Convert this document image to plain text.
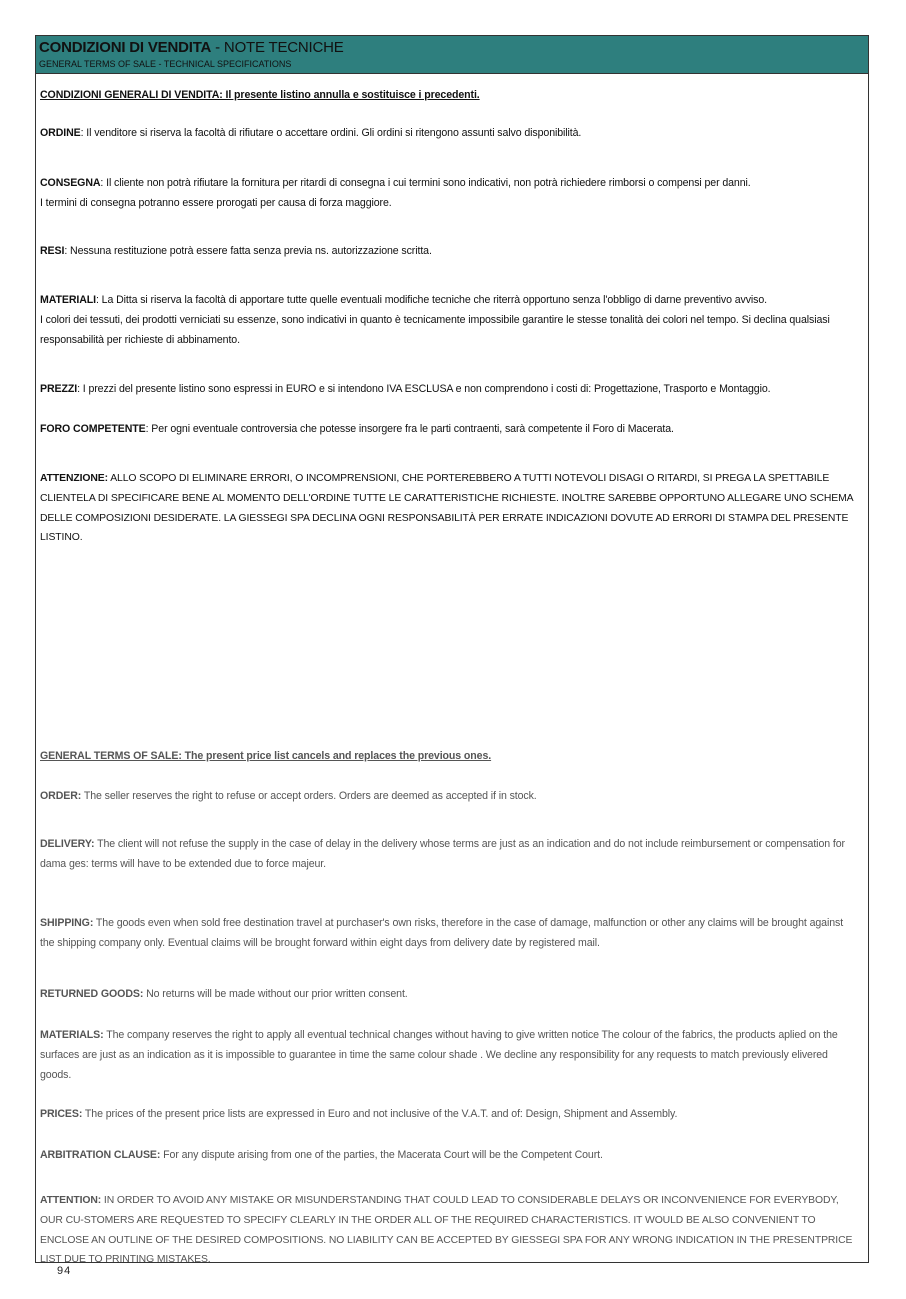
CONDIZIONI DI VENDITA - NOTE TECNICHE
GENERAL TERMS OF SALE - TECHNICAL SPECIFICATIONS
CONDIZIONI GENERALI DI VENDITA: Il presente listino annulla e sostituisce i precedenti.
ORDINE: Il venditore si riserva la facoltà di rifiutare o accettare ordini. Gli ordini si ritengono assunti salvo disponibilità.
CONSEGNA: Il cliente non potrà rifiutare la fornitura per ritardi di consegna i cui termini sono indicativi, non potrà richiedere rimborsi o compensi per danni.
I termini di consegna potranno essere prorogati per causa di forza maggiore.
RESI: Nessuna restituzione potrà essere fatta senza previa ns. autorizzazione scritta.
MATERIALI: La Ditta si riserva la facoltà di apportare tutte quelle eventuali modifiche tecniche che riterrà opportuno senza l'obbligo di darne preventivo avviso.
I colori dei tessuti, dei prodotti verniciati su essenze, sono indicativi in quanto è tecnicamente impossibile garantire le stesse tonalità dei colori nel tempo. Si declina qualsiasi responsabilità per richieste di abbinamento.
PREZZI: I prezzi del presente listino sono espressi in EURO e si intendono IVA ESCLUSA e non comprendono i costi di: Progettazione, Trasporto e Montaggio.
FORO COMPETENTE: Per ogni eventuale controversia che potesse insorgere fra le parti contraenti, sarà competente il Foro di Macerata.
ATTENZIONE: ALLO SCOPO DI ELIMINARE ERRORI, O INCOMPRENSIONI, CHE PORTEREBBERO A TUTTI NOTEVOLI DISAGI O RITARDI, SI PREGA LA SPETTABILE CLIENTELA DI SPECIFICARE BENE AL MOMENTO DELL'ORDINE TUTTE LE CARATTERISTICHE RICHIESTE. INOLTRE SAREBBE OPPORTUNO ALLEGARE UNO SCHEMA DELLE COMPOSIZIONI DESIDERATE. LA GIESSEGI SPA DECLINA OGNI RESPONSABILITÀ PER ERRATE INDICAZIONI DOVUTE AD ERRORI DI STAMPA DEL PRESENTE LISTINO.
GENERAL TERMS OF SALE: The present price list cancels and replaces the previous ones.
ORDER: The seller reserves the right to refuse or accept orders. Orders are deemed as accepted if in stock.
DELIVERY: The client will not refuse the supply in the case of delay in the delivery whose terms are just as an indication and do not include reimbursement or compensation for dama ges: terms will have to be extended due to force majeur.
SHIPPING: The goods even when sold free destination travel at purchaser's own risks, therefore in the case of damage, malfunction or other any claims will be brought against the shipping company only. Eventual claims will be brought forward within eight days from delivery date by registered mail.
RETURNED GOODS: No returns will be made without our prior written consent.
MATERIALS: The company reserves the right to apply all eventual technical changes without having to give written notice The colour of the fabrics, the products aplied on the surfaces are just as an indication as it is impossible to guarantee in time the same colour shade . We decline any responsibility for any requests to match previously elivered goods.
PRICES: The prices of the present price lists are expressed in Euro and not inclusive of the V.A.T. and of: Design, Shipment and Assembly.
ARBITRATION CLAUSE: For any dispute arising from one of the parties, the Macerata Court will be the Competent Court.
ATTENTION: IN ORDER TO AVOID ANY MISTAKE OR MISUNDERSTANDING THAT COULD LEAD TO CONSIDERABLE DELAYS OR INCONVENIENCE FOR EVERYBODY, OUR CU-STOMERS ARE REQUESTED TO SPECIFY CLEARLY IN THE ORDER ALL OF THE REQUIRED CHARACTERISTICS. IT WOULD BE ALSO CONVENIENT TO ENCLOSE AN OUTLINE OF THE DESIRED COMPOSITIONS. NO LIABILITY CAN BE ACCEPTED BY GIESSEGI SPA FOR ANY WRONG INDICATION IN THE PRESENTPRICE LIST DUE TO PRINTING MISTAKES.
94
